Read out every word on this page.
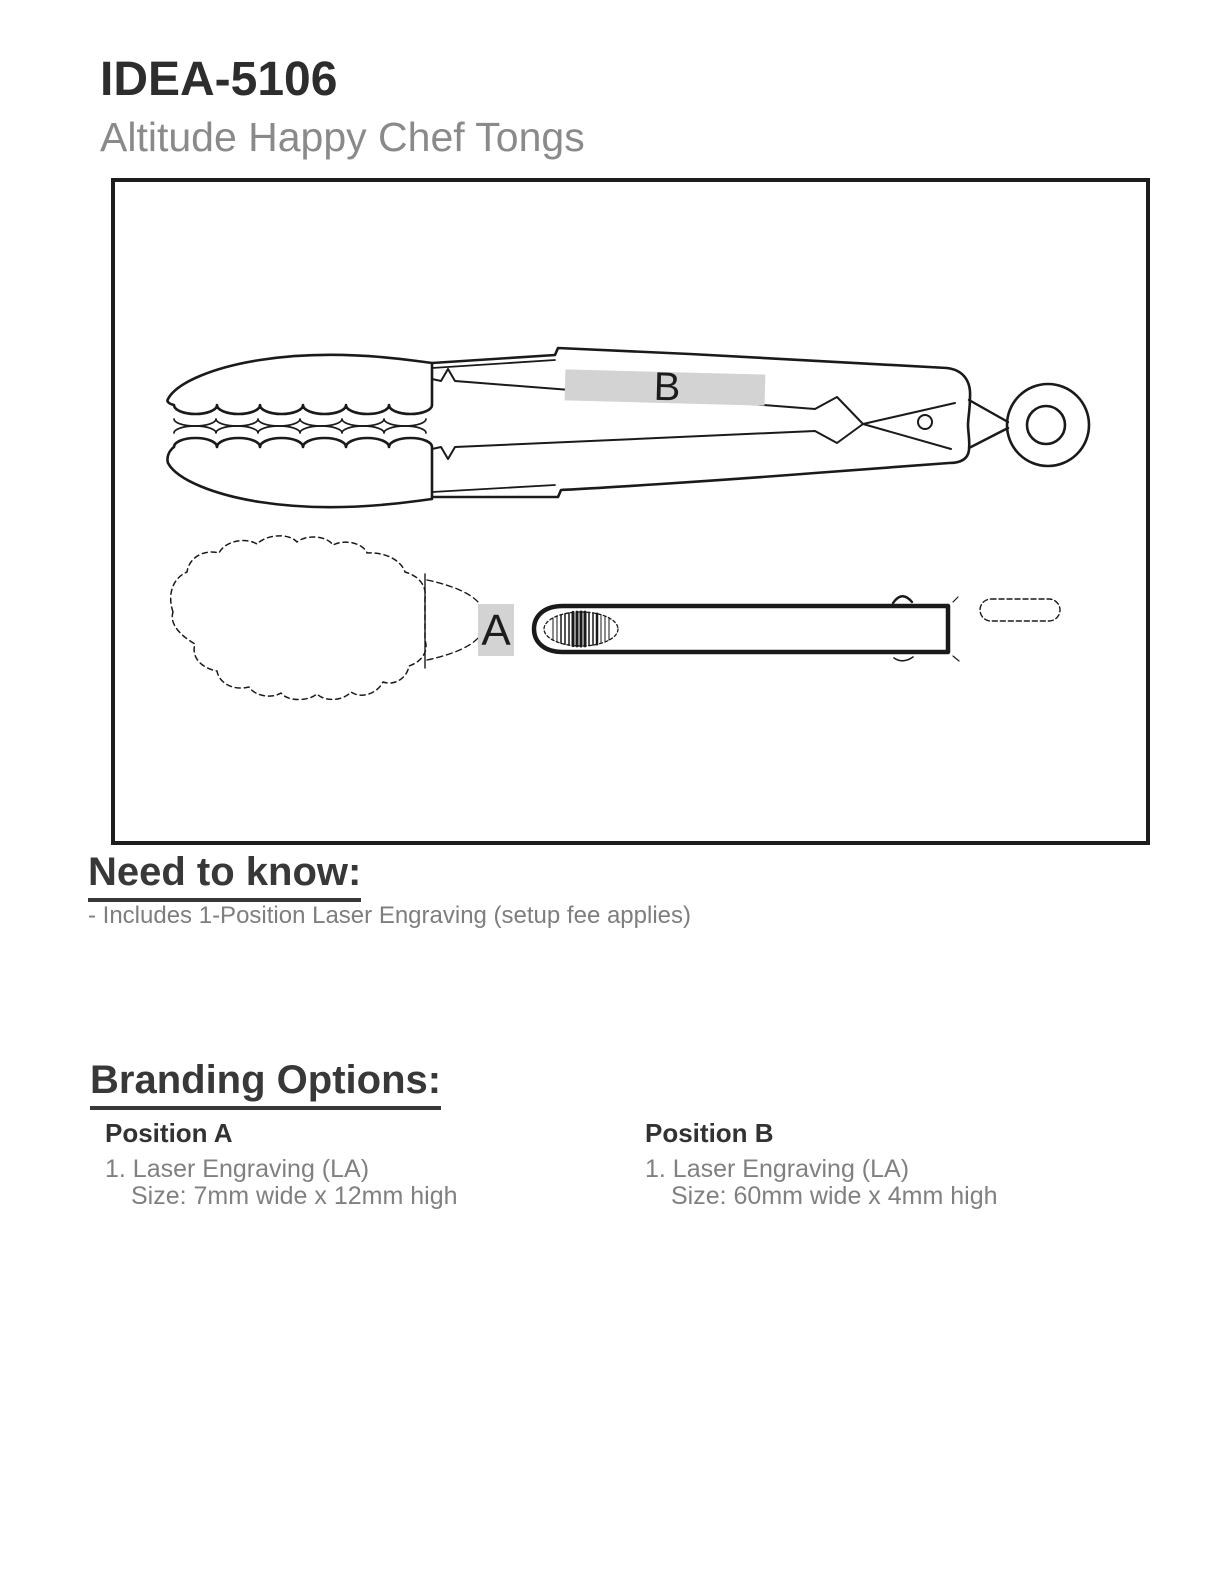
IDEA-5106
Altitude Happy Chef Tongs
B
A
Need to know:
- Includes 1-Position Laser Engraving (setup fee applies)
Branding Options:
Position A
1. Laser Engraving (LA)
Size: 7mm wide x 12mm high
Position B
1. Laser Engraving (LA)
Size: 60mm wide x 4mm high
